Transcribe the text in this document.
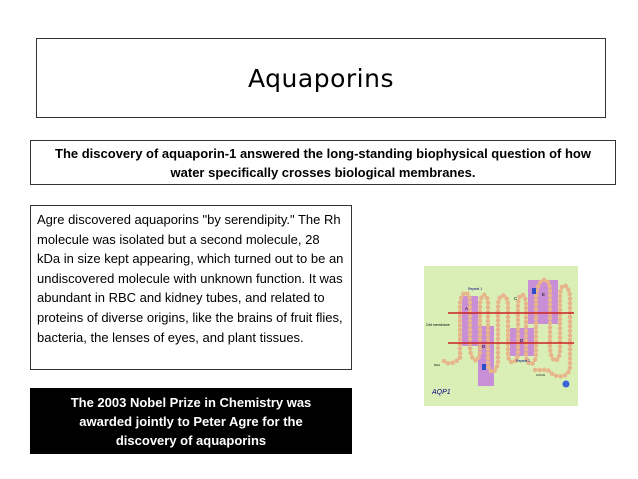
Aquaporins
The discovery of aquaporin-1 answered the long-standing biophysical question of how water specifically crosses biological membranes.
Agre discovered aquaporins "by serendipity." The Rh molecule was isolated but a second molecule, 28 kDa in size kept appearing, which turned out to be an undiscovered molecule with unknown function. It was abundant in RBC and kidney tubes, and related to proteins of diverse origins, like the brains of fruit flies, bacteria, the lenses of eyes, and plant tissues.
The 2003 Nobel Prize in Chemistry was awarded jointly to Peter Agre for the discovery of aquaporins
A
B
C
D
E
Repeat 1
Repeat 2
Cell membrane
NH2
COOH
AQP1
